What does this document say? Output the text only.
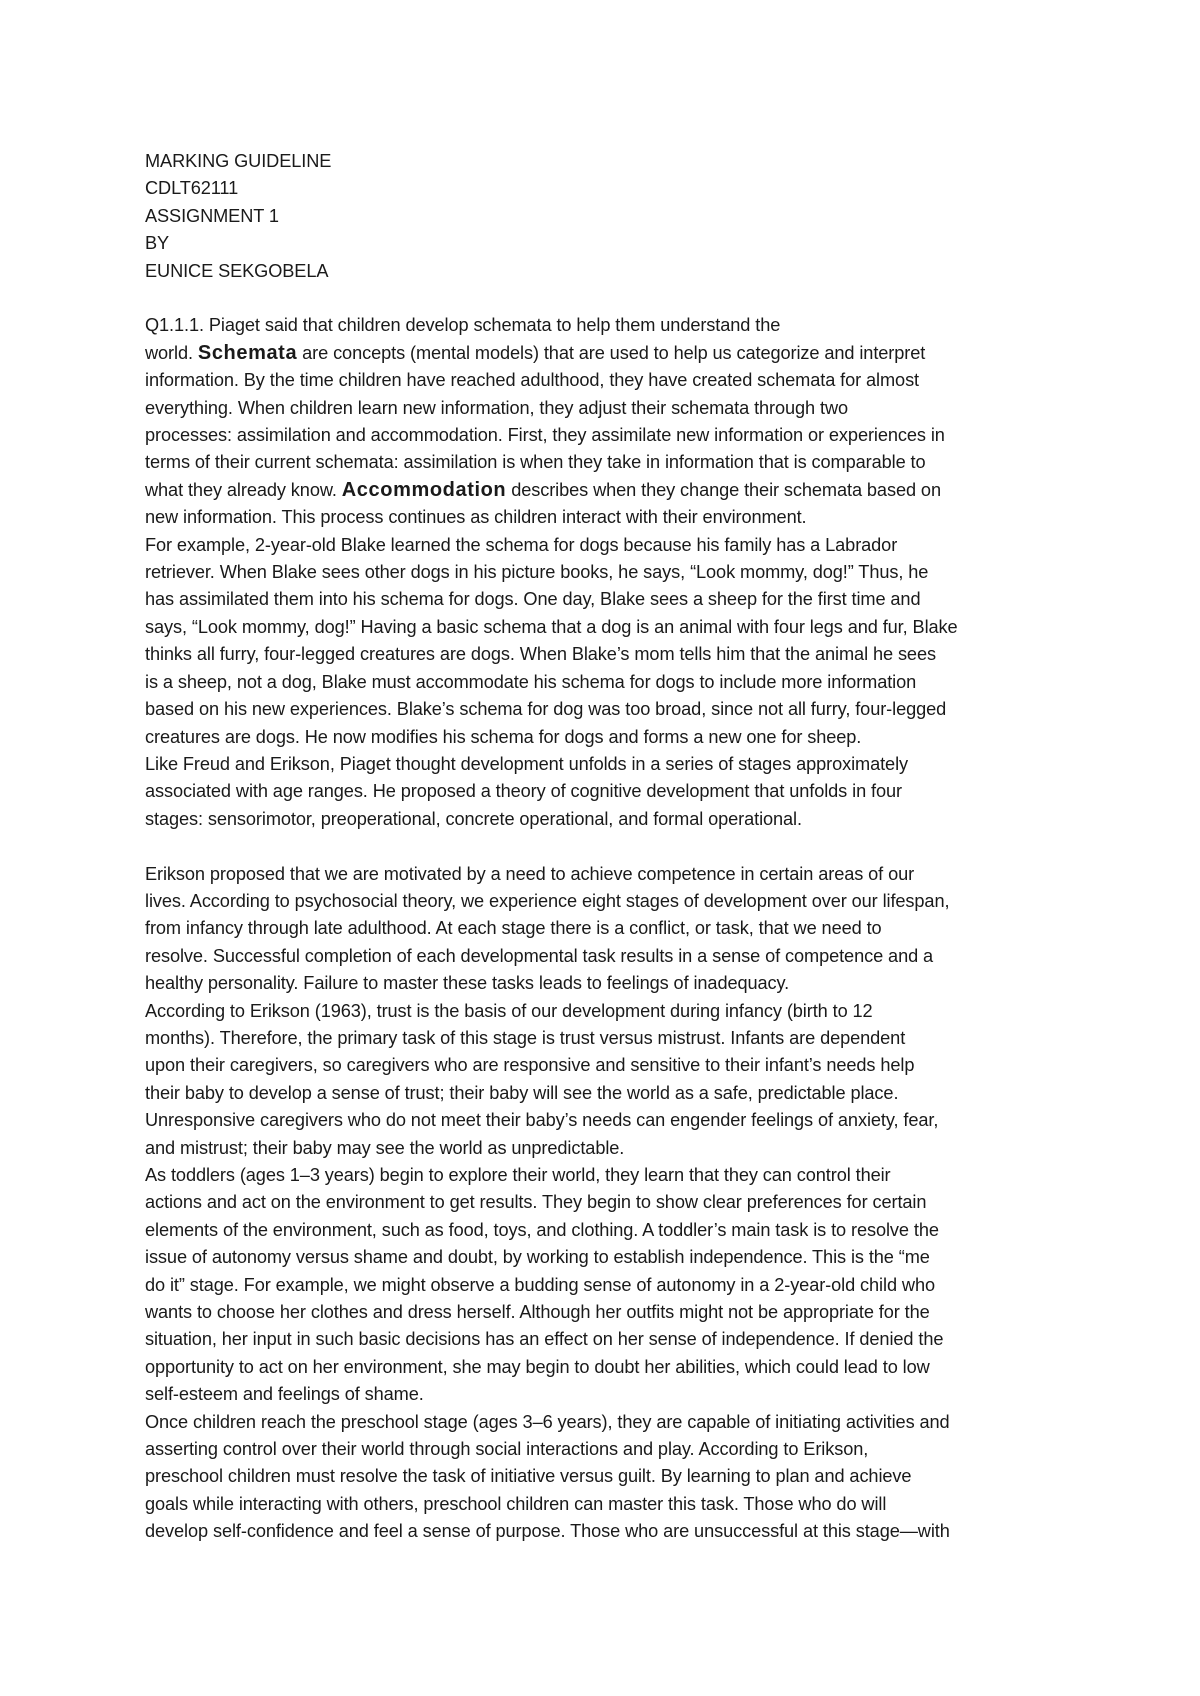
MARKING GUIDELINE
CDLT62111
ASSIGNMENT 1
BY
EUNICE SEKGOBELA
Q1.1.1. Piaget said that children develop schemata to help them understand the
world. Schemata are concepts (mental models) that are used to help us categorize and interpret
information. By the time children have reached adulthood, they have created schemata for almost
everything. When children learn new information, they adjust their schemata through two
processes: assimilation and accommodation. First, they assimilate new information or experiences in
terms of their current schemata: assimilation is when they take in information that is comparable to
what they already know. Accommodation describes when they change their schemata based on
new information. This process continues as children interact with their environment.
For example, 2-year-old Blake learned the schema for dogs because his family has a Labrador
retriever. When Blake sees other dogs in his picture books, he says, “Look mommy, dog!” Thus, he
has assimilated them into his schema for dogs. One day, Blake sees a sheep for the first time and
says, “Look mommy, dog!” Having a basic schema that a dog is an animal with four legs and fur, Blake
thinks all furry, four-legged creatures are dogs. When Blake’s mom tells him that the animal he sees
is a sheep, not a dog, Blake must accommodate his schema for dogs to include more information
based on his new experiences. Blake’s schema for dog was too broad, since not all furry, four-legged
creatures are dogs. He now modifies his schema for dogs and forms a new one for sheep.
Like Freud and Erikson, Piaget thought development unfolds in a series of stages approximately
associated with age ranges. He proposed a theory of cognitive development that unfolds in four
stages: sensorimotor, preoperational, concrete operational, and formal operational.
Erikson proposed that we are motivated by a need to achieve competence in certain areas of our
lives. According to psychosocial theory, we experience eight stages of development over our lifespan,
from infancy through late adulthood. At each stage there is a conflict, or task, that we need to
resolve. Successful completion of each developmental task results in a sense of competence and a
healthy personality. Failure to master these tasks leads to feelings of inadequacy.
According to Erikson (1963), trust is the basis of our development during infancy (birth to 12
months). Therefore, the primary task of this stage is trust versus mistrust. Infants are dependent
upon their caregivers, so caregivers who are responsive and sensitive to their infant’s needs help
their baby to develop a sense of trust; their baby will see the world as a safe, predictable place.
Unresponsive caregivers who do not meet their baby’s needs can engender feelings of anxiety, fear,
and mistrust; their baby may see the world as unpredictable.
As toddlers (ages 1–3 years) begin to explore their world, they learn that they can control their
actions and act on the environment to get results. They begin to show clear preferences for certain
elements of the environment, such as food, toys, and clothing. A toddler’s main task is to resolve the
issue of autonomy versus shame and doubt, by working to establish independence. This is the “me
do it” stage. For example, we might observe a budding sense of autonomy in a 2-year-old child who
wants to choose her clothes and dress herself. Although her outfits might not be appropriate for the
situation, her input in such basic decisions has an effect on her sense of independence. If denied the
opportunity to act on her environment, she may begin to doubt her abilities, which could lead to low
self-esteem and feelings of shame.
Once children reach the preschool stage (ages 3–6 years), they are capable of initiating activities and
asserting control over their world through social interactions and play. According to Erikson,
preschool children must resolve the task of initiative versus guilt. By learning to plan and achieve
goals while interacting with others, preschool children can master this task. Those who do will
develop self-confidence and feel a sense of purpose. Those who are unsuccessful at this stage—with
